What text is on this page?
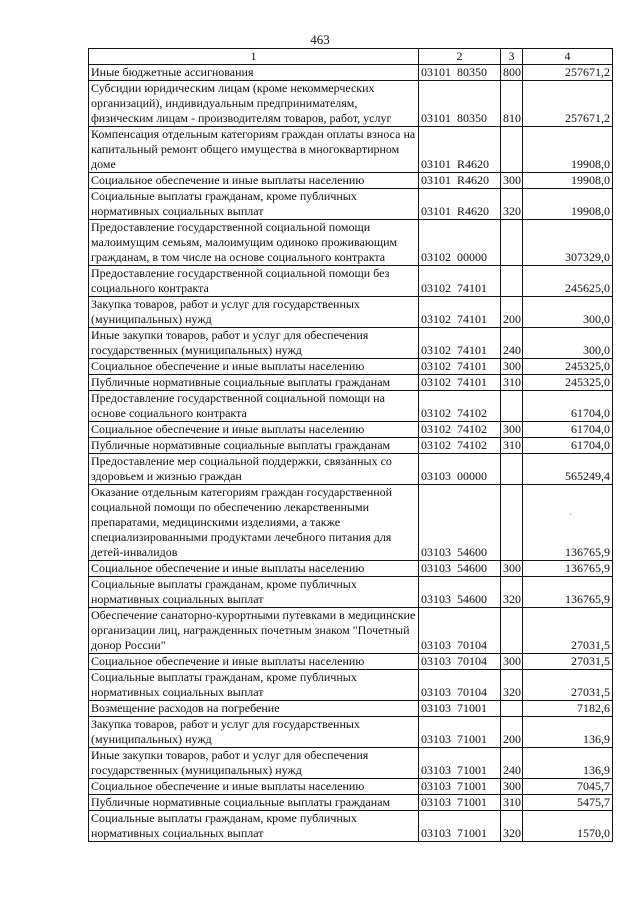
463
1	2	3	4
Иные бюджетные ассигнования	03101 80350	800	257671,2
Субсидии юридическим лицам (кроме некоммерческих организаций), индивидуальным предпринимателям, физическим лицам - производителям товаров, работ, услуг	03101 80350	810	257671,2
Компенсация отдельным категориям граждан оплаты взноса на капитальный ремонт общего имущества в многоквартирном доме	03101 R4620		19908,0
Социальное обеспечение и иные выплаты населению	03101 R4620	300	19908,0
Социальные выплаты гражданам, кроме публичных нормативных социальных выплат	03101 R4620	320	19908,0
Предоставление государственной социальной помощи малоимущим семьям, малоимущим одиноко проживающим гражданам, в том числе на основе социального контракта	03102 00000		307329,0
Предоставление государственной социальной помощи без социального контракта	03102 74101		245625,0
Закупка товаров, работ и услуг для государственных (муниципальных) нужд	03102 74101	200	300,0
Иные закупки товаров, работ и услуг для обеспечения государственных (муниципальных) нужд	03102 74101	240	300,0
Социальное обеспечение и иные выплаты населению	03102 74101	300	245325,0
Публичные нормативные социальные выплаты гражданам	03102 74101	310	245325,0
Предоставление государственной социальной помощи на основе социального контракта	03102 74102		61704,0
Социальное обеспечение и иные выплаты населению	03102 74102	300	61704,0
Публичные нормативные социальные выплаты гражданам	03102 74102	310	61704,0
Предоставление мер социальной поддержки, связанных со здоровьем и жизнью граждан	03103 00000		565249,4
Оказание отдельным категориям граждан государственной социальной помощи по обеспечению лекарственными препаратами, медицинскими изделиями, а также специализированными продуктами лечебного питания для детей-инвалидов	03103 54600		136765,9
Социальное обеспечение и иные выплаты населению	03103 54600	300	136765,9
Социальные выплаты гражданам, кроме публичных нормативных социальных выплат	03103 54600	320	136765,9
Обеспечение санаторно-курортными путевками в медицинские организации лиц, награжденных почетным знаком "Почетный донор России"	03103 70104		27031,5
Социальное обеспечение и иные выплаты населению	03103 70104	300	27031,5
Социальные выплаты гражданам, кроме публичных нормативных социальных выплат	03103 70104	320	27031,5
Возмещение расходов на погребение	03103 71001		7182,6
Закупка товаров, работ и услуг для государственных (муниципальных) нужд	03103 71001	200	136,9
Иные закупки товаров, работ и услуг для обеспечения государственных (муниципальных) нужд	03103 71001	240	136,9
Социальное обеспечение и иные выплаты населению	03103 71001	300	7045,7
Публичные нормативные социальные выплаты гражданам	03103 71001	310	5475,7
Социальные выплаты гражданам, кроме публичных нормативных социальных выплат	03103 71001	320	1570,0
·
